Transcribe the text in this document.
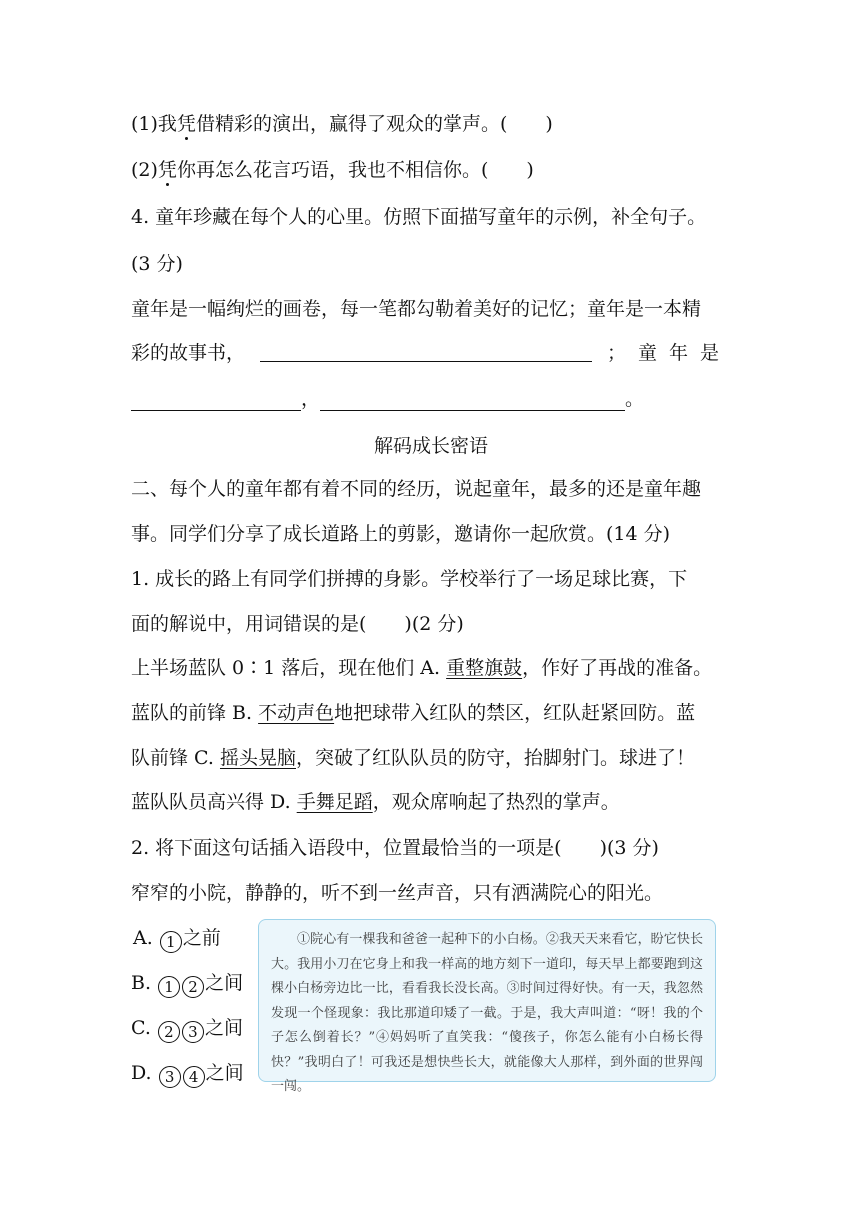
(1)我凭借精彩的演出，赢得了观众的掌声。(　　)
(2)凭你再怎么花言巧语，我也不相信你。(　　)
4. 童年珍藏在每个人的心里。仿照下面描写童年的示例，补全句子。
(3 分)
童年是一幅绚烂的画卷，每一笔都勾勒着美好的记忆；童年是一本精
彩的故事书，	；童年是
，	。
解码成长密语
二、每个人的童年都有着不同的经历，说起童年，最多的还是童年趣
事。同学们分享了成长道路上的剪影，邀请你一起欣赏。(14 分)
1. 成长的路上有同学们拼搏的身影。学校举行了一场足球比赛，下
面的解说中，用词错误的是(　　)(2 分)
上半场蓝队 0∶1 落后，现在他们 A. 重整旗鼓，作好了再战的准备。
蓝队的前锋 B. 不动声色地把球带入红队的禁区，红队赶紧回防。蓝
队前锋 C. 摇头晃脑，突破了红队队员的防守，抬脚射门。球进了！
蓝队队员高兴得 D. 手舞足蹈，观众席响起了热烈的掌声。
2. 将下面这句话插入语段中，位置最恰当的一项是(　　)(3 分)
窄窄的小院，静静的，听不到一丝声音，只有洒满院心的阳光。
A. 1 之前
B. 1 2 之间
C. 2 3 之间
D. 3 4 之间
①院心有一棵我和爸爸一起种下的小白杨。②我天天来看它，盼它快长大。我用小刀在它身上和我一样高的地方刻下一道印，每天早上都要跑到这棵小白杨旁边比一比，看看我长没长高。③时间过得好快。有一天，我忽然发现一个怪现象：我比那道印矮了一截。于是，我大声叫道：“呀！我的个子怎么倒着长？”④妈妈听了直笑我：“傻孩子，你怎么能有小白杨长得快？”我明白了！可我还是想快些长大，就能像大人那样，到外面的世界闯一闯。
